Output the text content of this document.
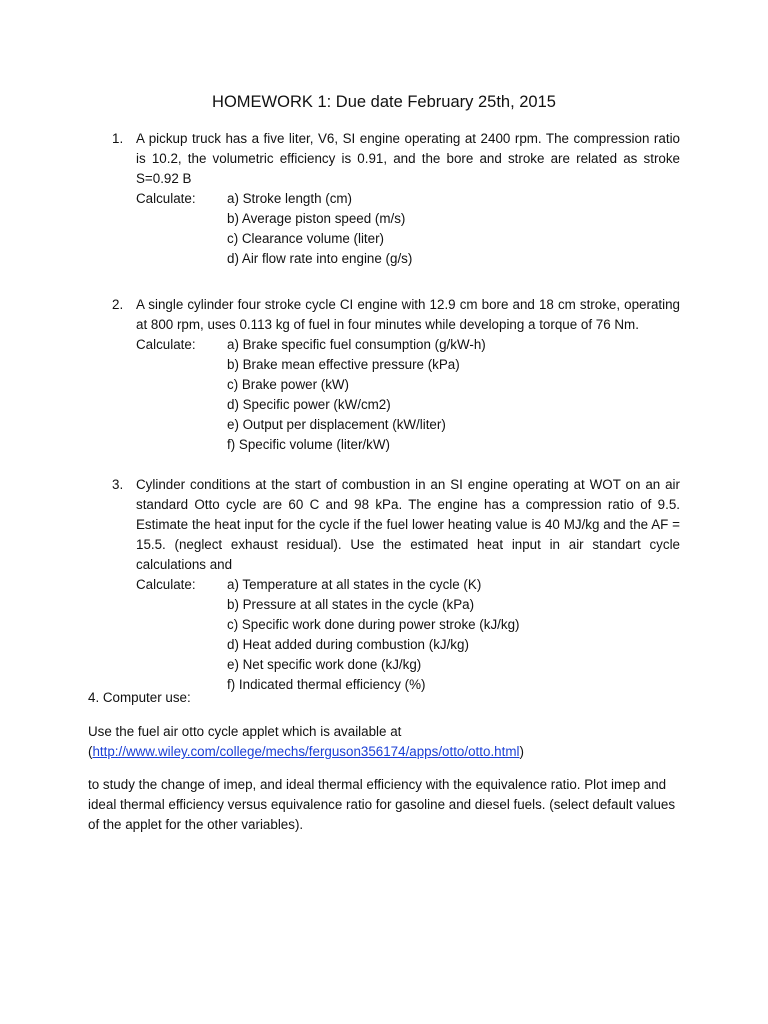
HOMEWORK 1: Due date February 25th, 2015
1. A pickup truck has a five liter, V6, SI engine operating at 2400 rpm. The compression ratio is 10.2, the volumetric efficiency is 0.91, and the bore and stroke are related as stroke S=0.92 B
Calculate:	a) Stroke length (cm)
b) Average piston speed (m/s)
c) Clearance volume (liter)
d) Air flow rate into engine (g/s)
2. A single cylinder four stroke cycle CI engine with 12.9 cm bore and 18 cm stroke, operating at 800 rpm, uses 0.113 kg of fuel in four minutes while developing a torque of 76 Nm.
Calculate:	a) Brake specific fuel consumption (g/kW-h)
b) Brake mean effective pressure (kPa)
c) Brake power (kW)
d) Specific power (kW/cm2)
e) Output per displacement (kW/liter)
f) Specific volume (liter/kW)
3. Cylinder conditions at the start of combustion in an SI engine operating at WOT on an air standard Otto cycle are 60 C and 98 kPa. The engine has a compression ratio of 9.5. Estimate the heat input for the cycle if the fuel lower heating value is 40 MJ/kg and the AF = 15.5. (neglect exhaust residual). Use the estimated heat input in air standart cycle calculations and
Calculate:	a) Temperature at all states in the cycle (K)
b) Pressure at all states in the cycle (kPa)
c) Specific work done during power stroke (kJ/kg)
d) Heat added during combustion (kJ/kg)
e) Net specific work done (kJ/kg)
f) Indicated thermal efficiency (%)
4. Computer use:
Use the fuel air otto cycle applet which is available at
(http://www.wiley.com/college/mechs/ferguson356174/apps/otto/otto.html)
to study the change of imep, and ideal thermal efficiency with the equivalence ratio. Plot imep and ideal thermal efficiency versus equivalence ratio for gasoline and diesel fuels. (select default values of the applet for the other variables).
